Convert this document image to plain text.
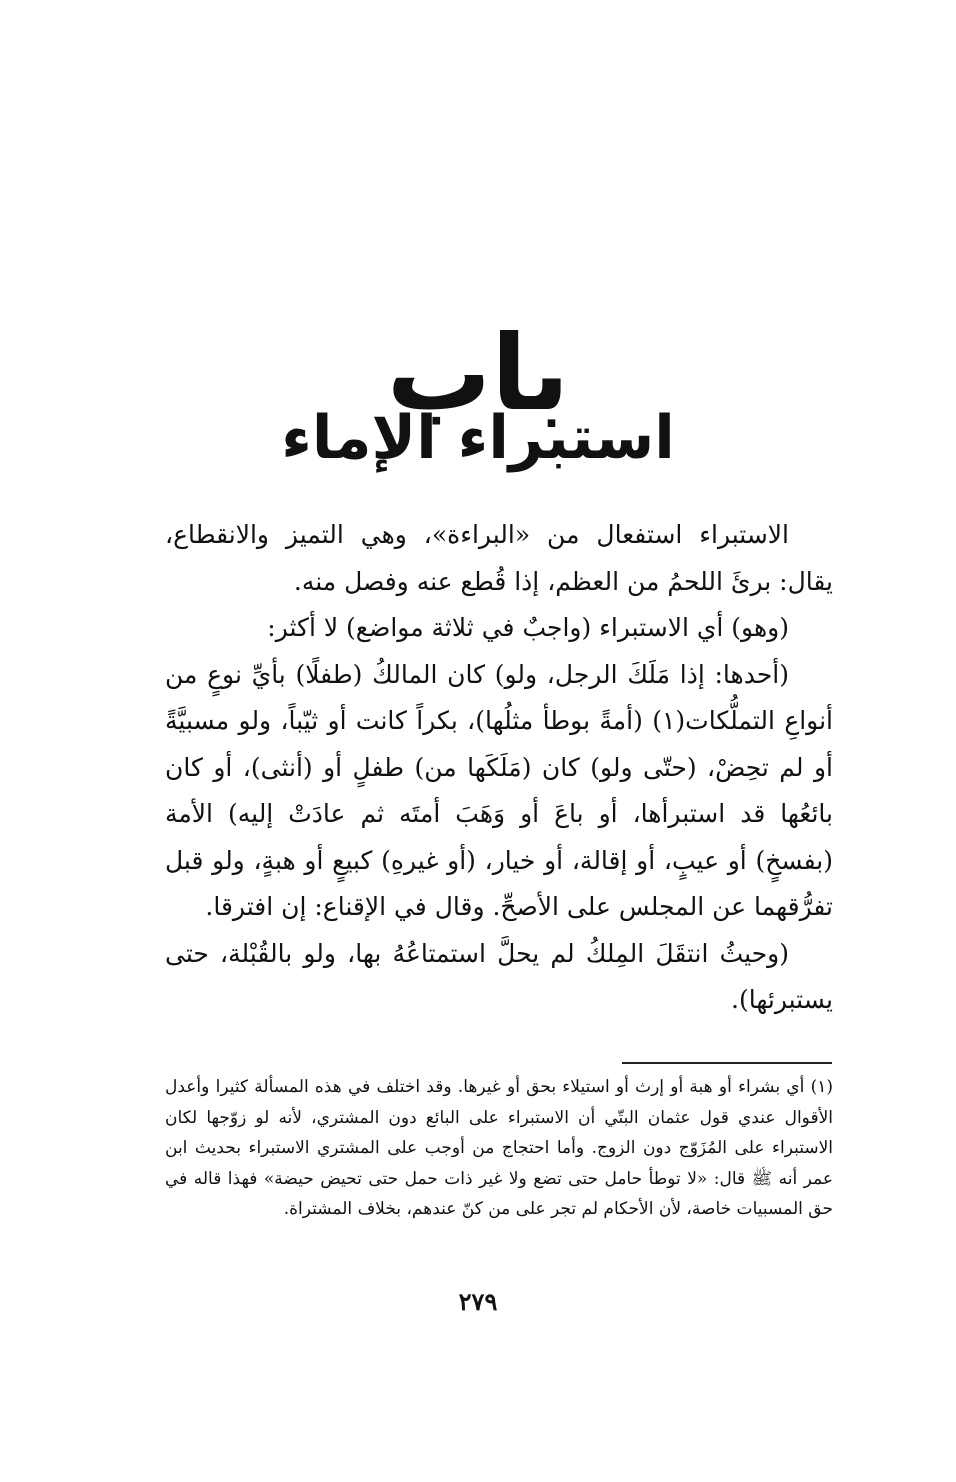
باب
استبراء الإماء

الاستبراء استفعال من «البراءة»، وهي التميز والانقطاع، يقال: برئَ اللحمُ من العظم، إذا قُطع عنه وفصل منه.

(وهو) أي الاستبراء (واجبٌ في ثلاثة مواضع) لا أكثر:

(أحدها: إذا مَلَكَ الرجل، ولو) كان المالكُ (طفلًا) بأيِّ نوعٍ من أنواعِ التملُّكات(١) (أمةً بوطأ مثلُها)، بكراً كانت أو ثيّباً، ولو مسبيَّةً أو لم تحِضْ، (حتّى ولو) كان (مَلَكَها من) طفلٍ أو (أنثى)، أو كان بائعُها قد استبرأها، أو باعَ أو وَهَبَ أمتَه ثم عادَتْ إليه) الأمة (بفسخٍ) أو عيبٍ، أو إقالة، أو خيار، (أو غيرهِ) كبيعٍ أو هبةٍ، ولو قبل تفرُّقهما عن المجلس على الأصحِّ. وقال في الإقناع: إن افترقا.

(وحيثُ انتقَلَ المِلكُ لم يحلَّ استمتاعُهُ بها، ولو بالقُبْلة، حتى يستبرئها).

(١) أي بشراء أو هبة أو إرث أو استيلاء بحق أو غيرها. وقد اختلف في هذه المسألة كثيرا وأعدل الأقوال عندي قول عثمان البتّي أن الاستبراء على البائع دون المشتري، لأنه لو زوّجها لكان الاستبراء على المُزَوّج دون الزوج. وأما احتجاج من أوجب على المشتري الاستبراء بحديث ابن عمر أنه ﷺ قال: «لا توطأ حامل حتى تضع ولا غير ذات حمل حتى تحيض حيضة» فهذا قاله في حق المسبيات خاصة، لأن الأحكام لم تجر على من كنّ عندهم، بخلاف المشتراة.

٢٧٩
